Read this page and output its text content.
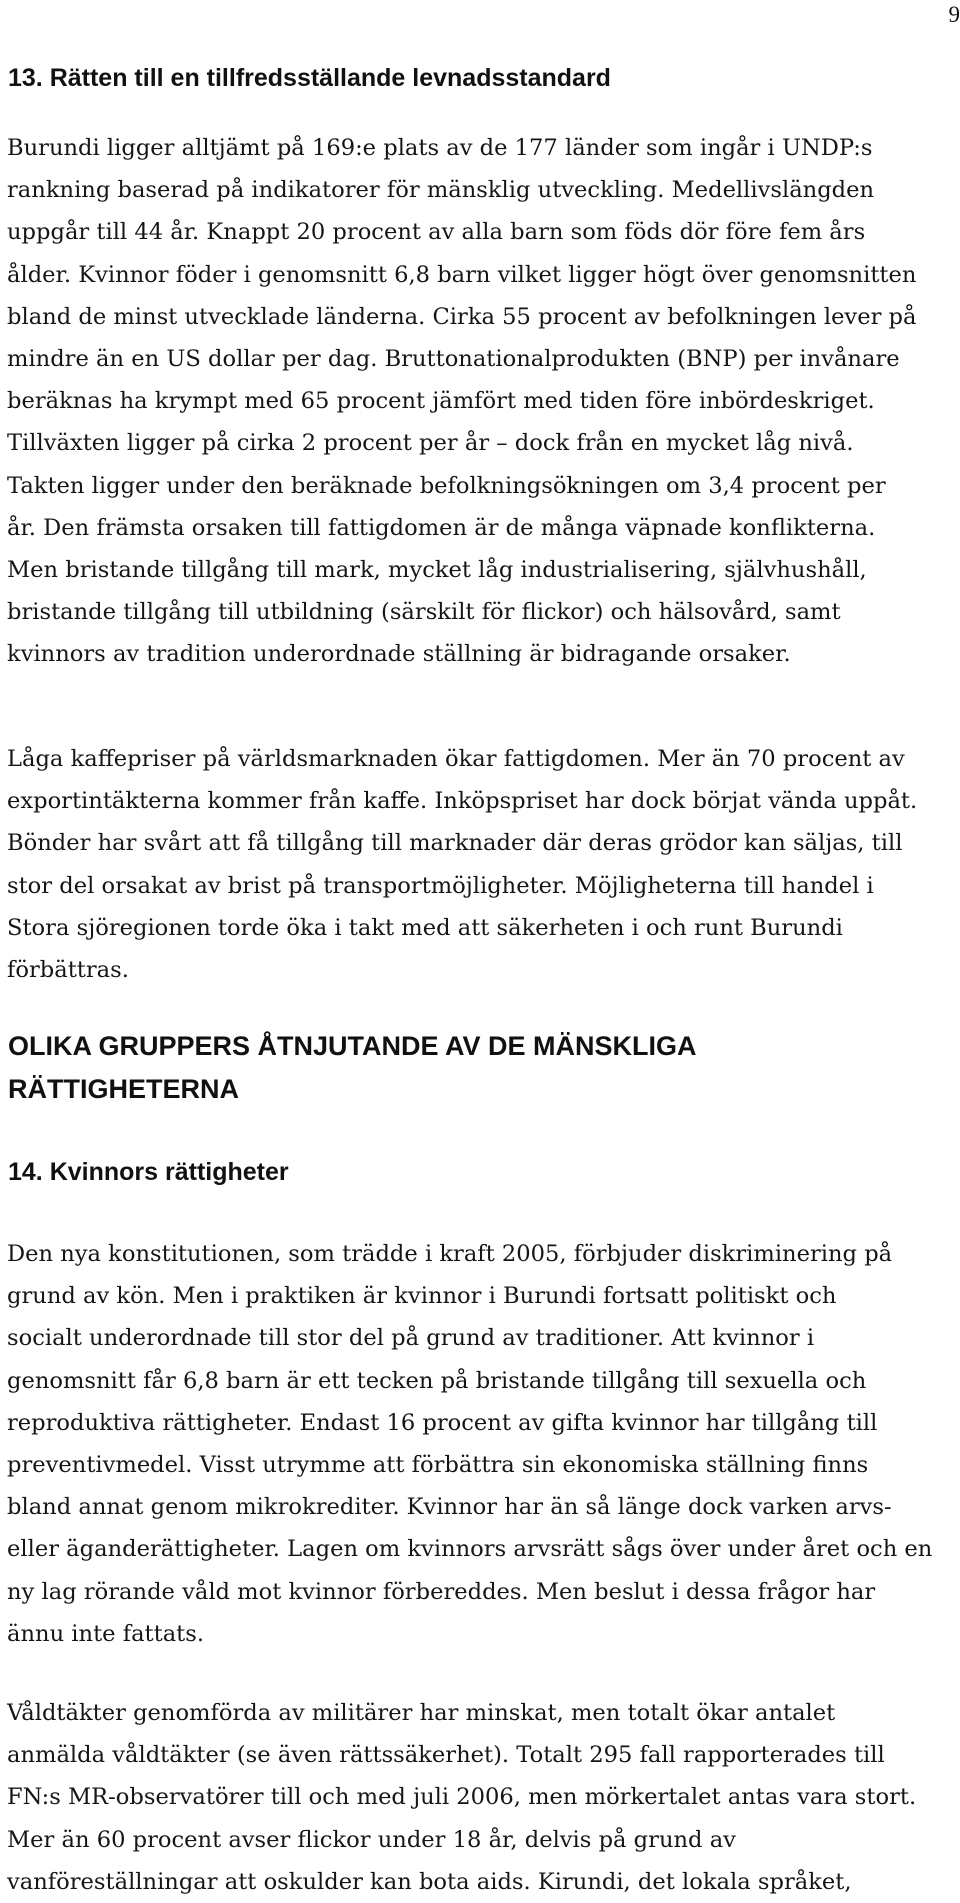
9
13. Rätten till en tillfredsställande levnadsstandard

Burundi ligger alltjämt på 169:e plats av de 177 länder som ingår i UNDP:s
rankning baserad på indikatorer för mänsklig utveckling. Medellivslängden
uppgår till 44 år. Knappt 20 procent av alla barn som föds dör före fem års
ålder. Kvinnor föder i genomsnitt 6,8 barn vilket ligger högt över genomsnitten
bland de minst utvecklade länderna. Cirka 55 procent av befolkningen lever på
mindre än en US dollar per dag. Bruttonationalprodukten (BNP) per invånare
beräknas ha krympt med 65 procent jämfört med tiden före inbördeskriget.
Tillväxten ligger på cirka 2 procent per år – dock från en mycket låg nivå.
Takten ligger under den beräknade befolkningsökningen om 3,4 procent per
år. Den främsta orsaken till fattigdomen är de många väpnade konflikterna.
Men bristande tillgång till mark, mycket låg industrialisering, självhushåll,
bristande tillgång till utbildning (särskilt för flickor) och hälsovård, samt
kvinnors av tradition underordnade ställning är bidragande orsaker.

Låga kaffepriser på världsmarknaden ökar fattigdomen. Mer än 70 procent av
exportintäkterna kommer från kaffe. Inköpspriset har dock börjat vända uppåt.
Bönder har svårt att få tillgång till marknader där deras grödor kan säljas, till
stor del orsakat av brist på transportmöjligheter. Möjligheterna till handel i
Stora sjöregionen torde öka i takt med att säkerheten i och runt Burundi
förbättras.

OLIKA GRUPPERS ÅTNJUTANDE AV DE MÄNSKLIGA
RÄTTIGHETERNA
14. Kvinnors rättigheter

Den nya konstitutionen, som trädde i kraft 2005, förbjuder diskriminering på
grund av kön. Men i praktiken är kvinnor i Burundi fortsatt politiskt och
socialt underordnade till stor del på grund av traditioner. Att kvinnor i
genomsnitt får 6,8 barn är ett tecken på bristande tillgång till sexuella och
reproduktiva rättigheter. Endast 16 procent av gifta kvinnor har tillgång till
preventivmedel. Visst utrymme att förbättra sin ekonomiska ställning finns
bland annat genom mikrokrediter. Kvinnor har än så länge dock varken arvs-
eller äganderättigheter. Lagen om kvinnors arvsrätt sågs över under året och en
ny lag rörande våld mot kvinnor förbereddes. Men beslut i dessa frågor har
ännu inte fattats.

Våldtäkter genomförda av militärer har minskat, men totalt ökar antalet
anmälda våldtäkter (se även rättssäkerhet). Totalt 295 fall rapporterades till
FN:s MR-observatörer till och med juli 2006, men mörkertalet antas vara stort.
Mer än 60 procent avser flickor under 18 år, delvis på grund av
vanföreställningar att oskulder kan bota aids. Kirundi, det lokala språket,
